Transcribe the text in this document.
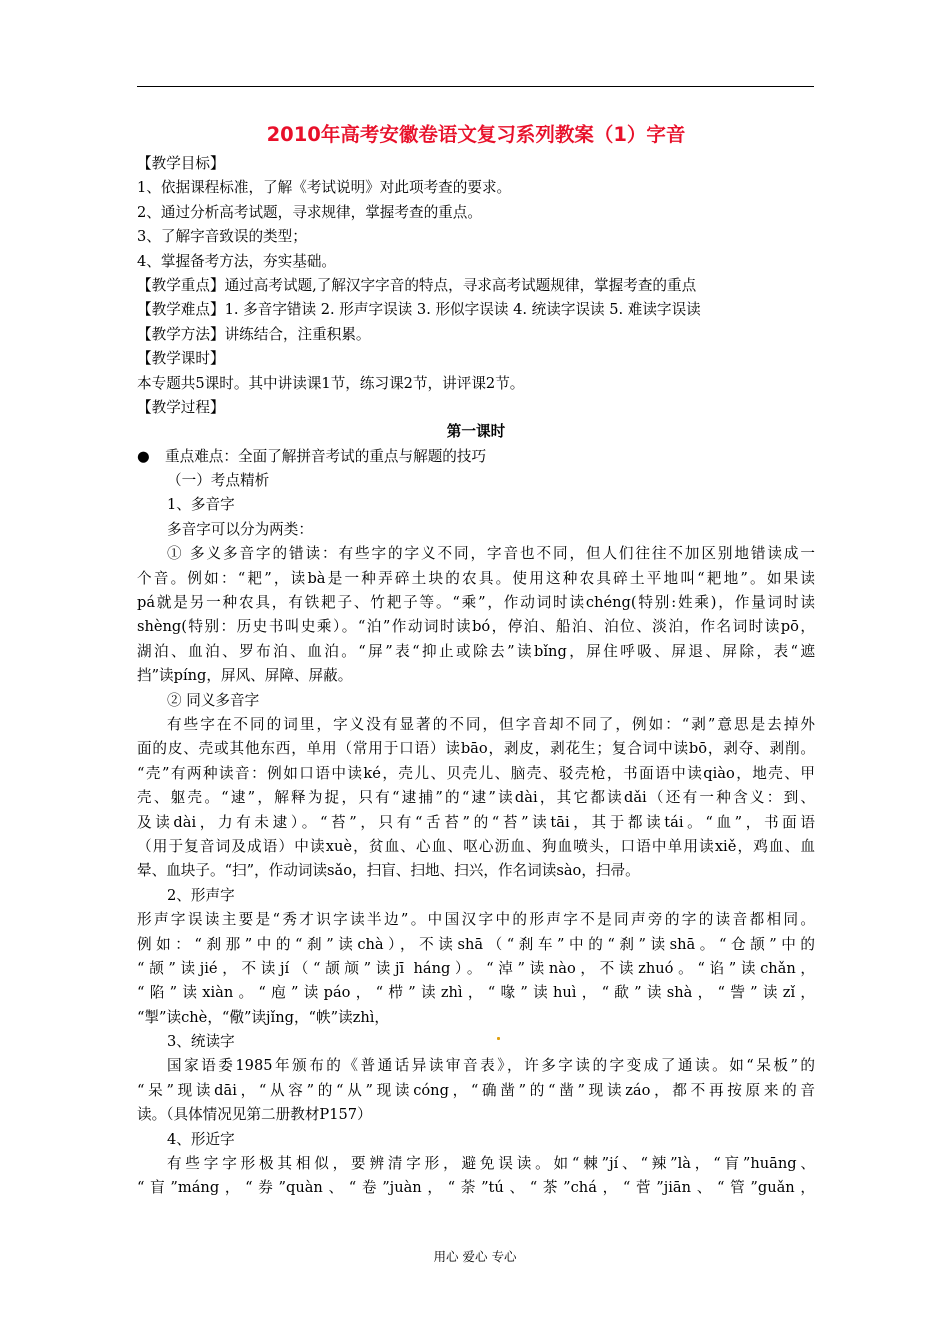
2010年高考安徽卷语文复习系列教案（1）字音
【教学目标】
1、依据课程标准，了解《考试说明》对此项考查的要求。
2、通过分析高考试题，寻求规律，掌握考查的重点。
3、了解字音致误的类型；
4、掌握备考方法，夯实基础。
【教学重点】通过高考试题,了解汉字字音的特点，寻求高考试题规律，掌握考查的重点
【教学难点】1. 多音字错读 2. 形声字误读 3. 形似字误读 4. 统读字误读 5. 难读字误读
【教学方法】讲练结合，注重积累。
【教学课时】
本专题共5课时。其中讲读课1节，练习课2节，讲评课2节。
【教学过程】
第一课时
● 重点难点：全面了解拼音考试的重点与解题的技巧
（一）考点精析
1、多音字
多音字可以分为两类：
① 多义多音字的错读：有些字的字义不同，字音也不同，但人们往往不加区别地错读成一
个音。例如：“耙”，读bà是一种弄碎土块的农具。使用这种农具碎土平地叫“耙地”。如果读
pá就是另一种农具，有铁耙子、竹耙子等。“乘”，作动词时读chéng(特别:姓乘)，作量词时读
shèng(特别：历史书叫史乘）。“泊”作动词时读bó，停泊、船泊、泊位、淡泊，作名词时读pō，
湖泊、血泊、罗布泊、血泊。“屏”表“抑止或除去”读bǐng，屏住呼吸、屏退、屏除，表“遮
挡”读píng，屏风、屏障、屏蔽。
② 同义多音字
有些字在不同的词里，字义没有显著的不同，但字音却不同了，例如：“剥”意思是去掉外
面的皮、壳或其他东西，单用（常用于口语）读bāo，剥皮，剥花生；复合词中读bō，剥夺、剥削。
“壳”有两种读音：例如口语中读ké，壳儿、贝壳儿、脑壳、驳壳枪，书面语中读qiào，地壳、甲
壳、躯壳。“逮”，解释为捉，只有“逮捕”的“逮”读dài，其它都读dǎi（还有一种含义：到、
及读dài，力有未逮）。“苔”，只有“舌苔”的“苔”读tāi，其于都读tái。“血”，书面语
（用于复音词及成语）中读xuè，贫血、心血、呕心沥血、狗血喷头，口语中单用读xiě，鸡血、血
晕、血块子。“扫”，作动词读sǎo，扫盲、扫地、扫兴，作名词读sào，扫帚。
2、形声字
形声字误读主要是“秀才识字读半边”。中国汉字中的形声字不是同声旁的字的读音都相同。
例如：“刹那”中的“刹”读chà），不读shā（“刹车”中的“刹”读shā。“仓颉”中的
“颉”读jié，不读jí（“颉颃”读jī háng）。“淖”读nào，不读zhuó。“谄”读chǎn，
“陷”读xiàn。“庖”读páo，“栉”读zhì，“喙”读huì，“歃”读shà，“訾”读zǐ，
“掣”读chè，“儆”读jǐng，“帙”读zhì，
3、统读字
国家语委1985年颁布的《普通话异读审音表》，许多字读的字变成了通读。如“呆板”的
“呆”现读dāi，“从容”的“从”现读cóng，“确凿”的“凿”现读záo，都不再按原来的音
读。（具体情况见第二册教材P157）
4、形近字
有些字字形极其相似，要辨清字形，避免误读。如“棘”jí、“辣”là，“肓”huāng、
“盲”máng，“券”quàn、“卷”juàn，“荼”tú、“茶”chá，“菅”jiān、“管”guǎn，
用心 爱心 专心
